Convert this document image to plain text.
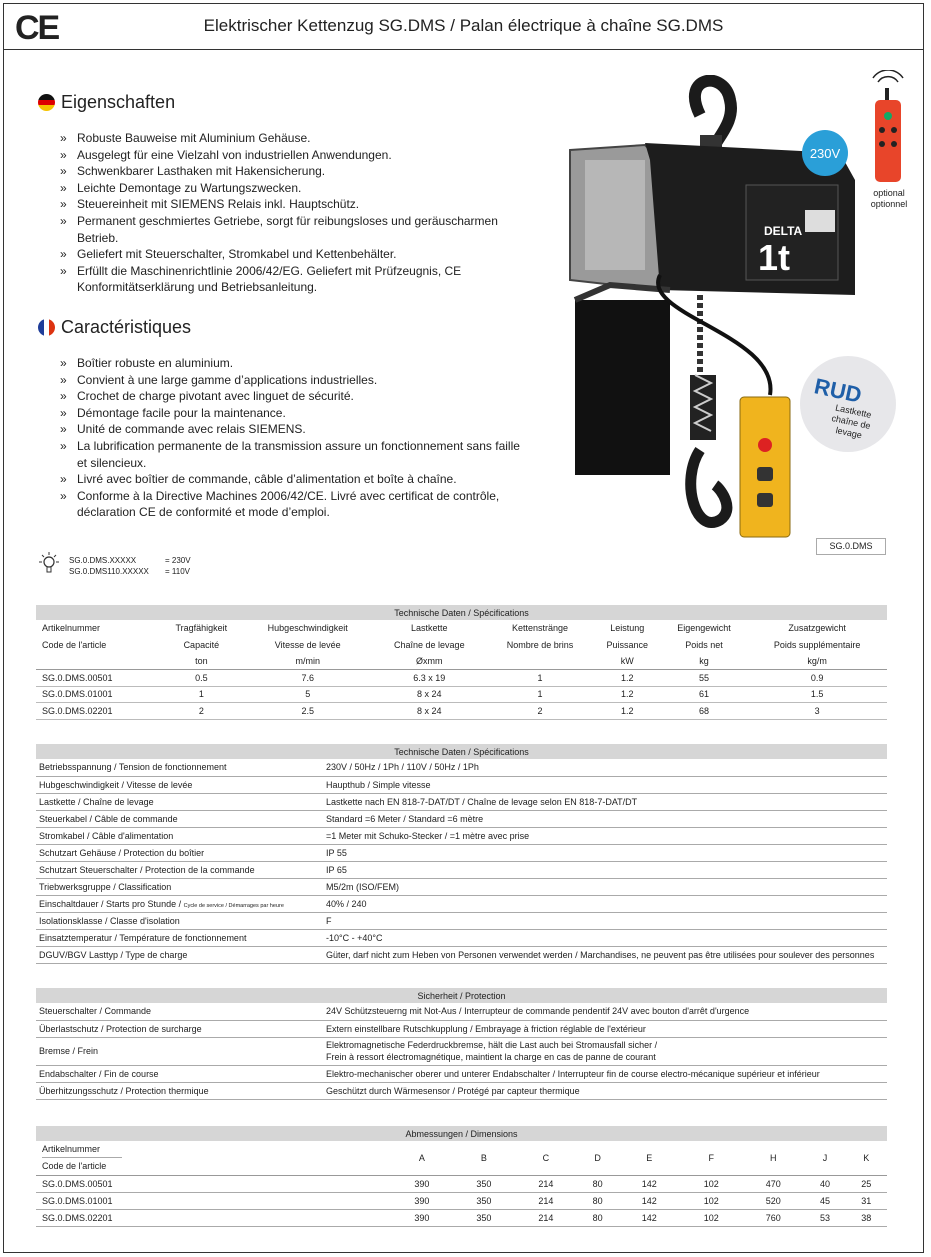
CE	Elektrischer Kettenzug SG.DMS / Palan électrique à chaîne SG.DMS
Eigenschaften
» Robuste Bauweise mit Aluminium Gehäuse.
» Ausgelegt für eine Vielzahl von industriellen Anwendungen.
» Schwenkbarer Lasthaken mit Hakensicherung.
» Leichte Demontage zu Wartungszwecken.
» Steuereinheit mit SIEMENS Relais inkl. Hauptschütz.
» Permanent geschmiertes Getriebe, sorgt für reibungsloses und geräuscharmen Betrieb.
» Geliefert mit Steuerschalter, Stromkabel und Kettenbehälter.
» Erfüllt die Maschinenrichtlinie 2006/42/EG. Geliefert mit Prüfzeugnis, CE Konformitätserklärung und Betriebsanleitung.
Caractéristiques
» Boîtier robuste en aluminium.
» Convient à une large gamme d’applications industrielles.
» Crochet de charge pivotant avec linguet de sécurité.
» Démontage facile pour la maintenance.
» Unité de commande avec relais SIEMENS.
» La lubrification permanente de la transmission assure un fonctionnement sans faille et silencieux.
» Livré avec boîtier de commande, câble d’alimentation et boîte à chaîne.
» Conforme à la Directive Machines 2006/42/CE. Livré avec certificat de contrôle, déclaration CE de conformité et mode d’emploi.
DELTA
1t
230V
optional
optionnel
RUD
Lastkette
chaîne de levage
SG.0.DMS
SG.0.DMS.XXXXX	= 230V
SG.0.DMS110.XXXXX	= 110V
Technische Daten / Spécifications							
Artikelnummer	Tragfähigkeit	Hubgeschwindigkeit	Lastkette	Kettenstränge	Leistung	Eigengewicht	Zusatzgewicht
Code de l'article	Capacité	Vitesse de levée	Chaîne de levage	Nombre de brins	Puissance	Poids net	Poids supplémentaire
	ton	m/min	Øxmm		kW	kg	kg/m
SG.0.DMS.00501	0.5	7.6	6.3 x 19	1	1.2	55	0.9
SG.0.DMS.01001	1	5	8 x 24	1	1.2	61	1.5
SG.0.DMS.02201	2	2.5	8 x 24	2	1.2	68	3
Technische Daten / Spécifications	
Betriebsspannung / Tension de fonctionnement	230V / 50Hz / 1Ph / 110V / 50Hz / 1Ph
Hubgeschwindigkeit / Vitesse de levée	Haupthub / Simple vitesse
Lastkette / Chaîne de levage	Lastkette nach EN 818-7-DAT/DT / Chaîne de levage selon EN 818-7-DAT/DT
Steuerkabel / Câble de commande	Standard =6 Meter / Standard =6 mètre
Stromkabel / Câble d'alimentation	=1 Meter mit Schuko-Stecker / =1 mètre avec prise
Schutzart Gehäuse / Protection du boîtier	IP 55
Schutzart Steuerschalter / Protection de la commande	IP 65
Triebwerksgruppe / Classification	M5/2m (ISO/FEM)
Einschaltdauer / Starts pro Stunde / Cycle de service / Démarrages par heure	40% / 240
Isolationsklasse / Classe d'isolation	F
Einsatztemperatur / Température de fonctionnement	-10°C - +40°C
DGUV/BGV Lasttyp / Type de charge	Güter, darf nicht zum Heben von Personen verwendet werden / Marchandises, ne peuvent pas être utilisées pour soulever des personnes
Sicherheit / Protection	
Steuerschalter / Commande	24V Schützsteuerng mit Not-Aus / Interrupteur de commande pendentif 24V avec bouton d'arrêt d'urgence
Überlastschutz / Protection de surcharge	Extern einstellbare Rutschkupplung / Embrayage à friction réglable de l'extérieur
Bremse / Frein	Elektromagnetische Federdruckbremse, hält die Last auch bei Stromausfall sicher /
Frein à ressort électromagnétique, maintient la charge en cas de panne de courant
Endabschalter / Fin de course	Elektro-mechanischer oberer und unterer Endabschalter / Interrupteur fin de course electro-mécanique supérieur et inférieur
Überhitzungsschutz / Protection thermique	Geschützt durch Wärmesensor / Protégé par capteur thermique
Abmessungen / Dimensions									
Artikelnummer
Code de l'article	A	B	C	D	E	F	H	J	K
SG.0.DMS.00501	390	350	214	80	142	102	470	40	25
SG.0.DMS.01001	390	350	214	80	142	102	520	45	31
SG.0.DMS.02201	390	350	214	80	142	102	760	53	38
